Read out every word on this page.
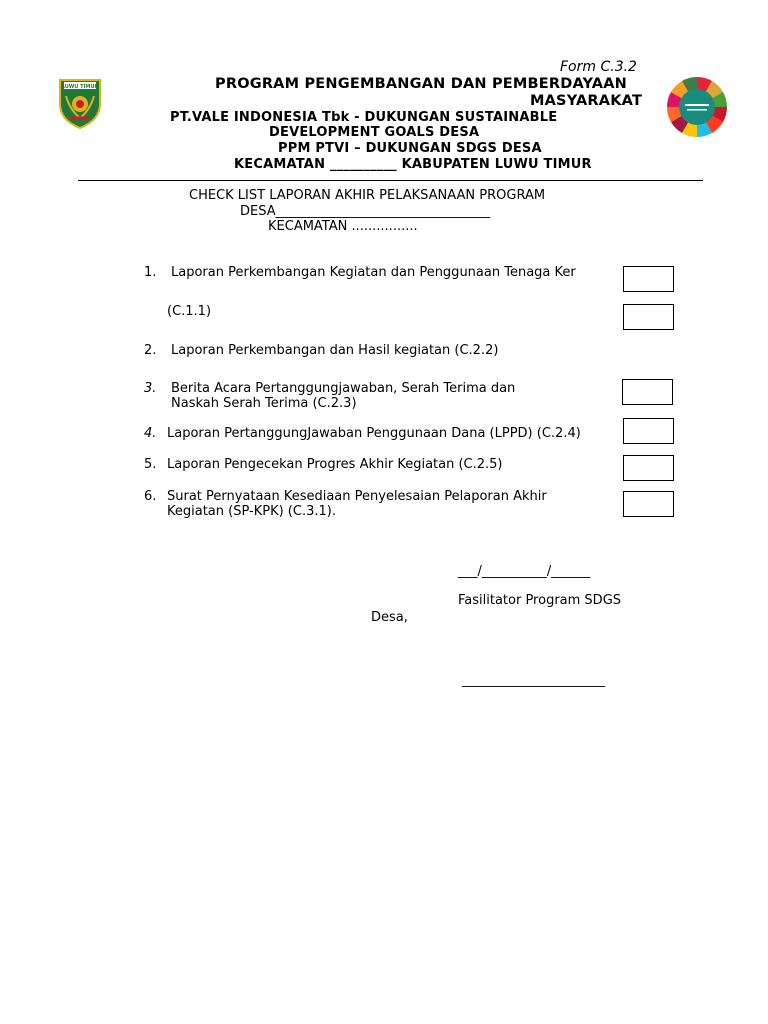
LUWU TIMUR
Form C.3.2
PROGRAM PENGEMBANGAN DAN PEMBERDAYAAN
MASYARAKAT
PT.VALE INDONESIA Tbk - DUKUNGAN SUSTAINABLE
DEVELOPMENT GOALS DESA
PPM PTVI – DUKUNGAN SDGS DESA
KECAMATAN __________ KABUPATEN LUWU TIMUR
CHECK LIST LAPORAN AKHIR PELAKSANAAN PROGRAM
DESA_________________________________
KECAMATAN ................
1. Laporan Perkembangan Kegiatan dan Penggunaan Tenaga Ker
(C.1.1)
2. Laporan Perkembangan dan Hasil kegiatan (C.2.2)
3. Berita Acara Pertanggungjawaban, Serah Terima dan
Naskah Serah Terima (C.2.3)
4. Laporan PertanggungJawaban Penggunaan Dana (LPPD) (C.2.4)
5. Laporan Pengecekan Progres Akhir Kegiatan (C.2.5)
6. Surat Pernyataan Kesediaan Penyelesaian Pelaporan Akhir
Kegiatan (SP-KPK) (C.3.1).
___/__________/______
Fasilitator Program SDGS
Desa,
______________________
